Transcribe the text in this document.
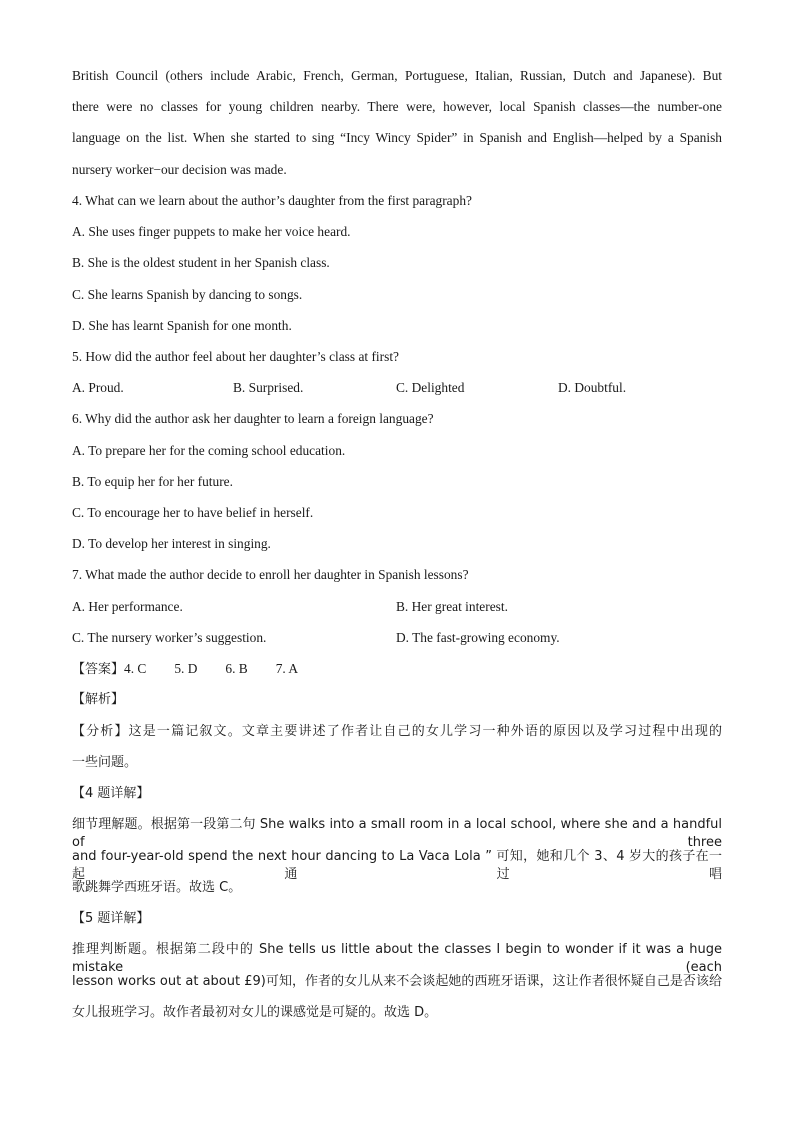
British Council (others include Arabic, French, German, Portuguese, Italian, Russian, Dutch and Japanese). But
there were no classes for young children nearby. There were, however, local Spanish classes—the number-one
language on the list. When she started to sing “Incy Wincy Spider” in Spanish and English—helped by a Spanish
nursery worker−our decision was made.
4. What can we learn about the author’s daughter from the first paragraph?
A. She uses finger puppets to make her voice heard.
B. She is the oldest student in her Spanish class.
C. She learns Spanish by dancing to songs.
D. She has learnt Spanish for one month.
5. How did the author feel about her daughter’s class at first?
A. Proud.	B. Surprised.	C. Delighted	D. Doubtful.
6. Why did the author ask her daughter to learn a foreign language?
A. To prepare her for the coming school education.
B. To equip her for her future.
C. To encourage her to have belief in herself.
D. To develop her interest in singing.
7. What made the author decide to enroll her daughter in Spanish lessons?
A. Her performance.	B. Her great interest.
C. The nursery worker’s suggestion.	D. The fast-growing economy.
【答案】4. C 5. D 6. B 7. A
【解析】
【分析】这是一篇记叙文。文章主要讲述了作者让自己的女儿学习一种外语的原因以及学习过程中出现的
一些问题。
【4 题详解】
细节理解题。根据第一段第二句 She walks into a small room in a local school, where she and a handful of three
and four-year-old spend the next hour dancing to La Vaca Lola ” 可知，她和几个 3、4 岁大的孩子在一起通过唱
歌跳舞学西班牙语。故选 C。
【5 题详解】
推理判断题。根据第二段中的 She tells us little about the classes I begin to wonder if it was a huge mistake (each
lesson works out at about £9)可知，作者的女儿从来不会谈起她的西班牙语课，这让作者很怀疑自己是否该给
女儿报班学习。故作者最初对女儿的课感觉是可疑的。故选 D。
